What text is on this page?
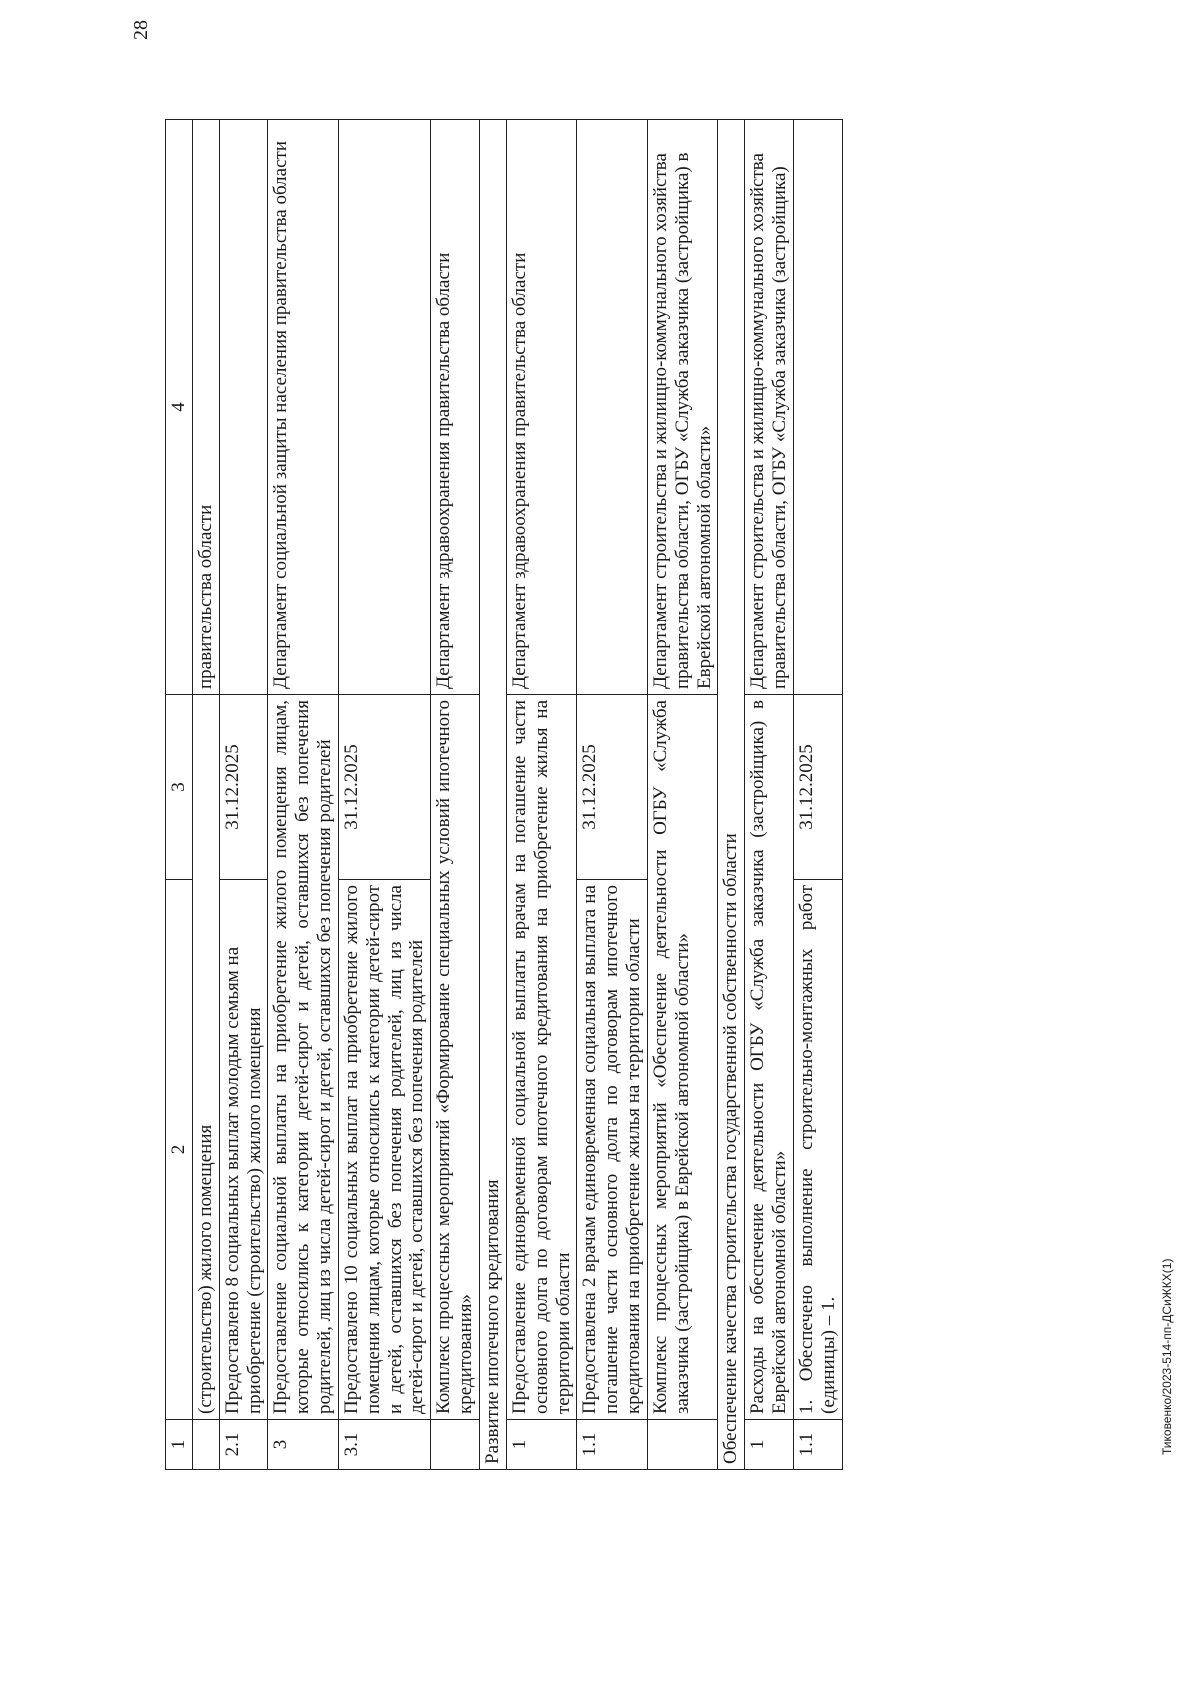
28
1	2	3	4
	(строительство) жилого помещения		правительства области
2.1	Предоставлено 8 социальных выплат молодым семьям на приобретение (строительство) жилого помещения	31.12.2025	
3	Предоставление социальной выплаты на приобретение жилого помещения лицам, которые относились к категории детей-сирот и детей, оставшихся без попечения родителей, лиц из числа детей-сирот и детей, оставшихся без попечения родителей		Департамент социальной защиты населения правительства области
3.1	Предоставлено 10 социальных выплат на приобретение жилого помещения лицам, которые относились к категории детей-сирот и детей, оставшихся без попечения родителей, лиц из числа детей-сирот и детей, оставшихся без попечения родителей	31.12.2025	
	Комплекс процессных мероприятий «Формирование специальных условий ипотечного кредитования»		Департамент здравоохранения правительства области
Развитие ипотечного кредитования			
1	Предоставление единовременной социальной выплаты врачам на погашение части основного долга по договорам ипотечного кредитования на приобретение жилья на территории области		Департамент здравоохранения правительства области
1.1	Предоставлена 2 врачам единовременная социальная выплата на погашение части основного долга по договорам ипотечного кредитования на приобретение жилья на территории области	31.12.2025	
	Комплекс процессных мероприятий «Обеспечение деятельности ОГБУ «Служба заказчика (застройщика) в Еврейской автономной области»		Департамент строительства и жилищно-коммунального хозяйства правительства области, ОГБУ «Служба заказчика (застройщика) в Еврейской автономной области»
Обеспечение качества строительства государственной собственности области			
1	Расходы на обеспечение деятельности ОГБУ «Служба заказчика (застройщика) в Еврейской автономной области»		Департамент строительства и жилищно-коммунального хозяйства правительства области, ОГБУ «Служба заказчика (застройщика)
1.1	1. Обеспечено выполнение строительно-монтажных работ (единицы) – 1.	31.12.2025	
Тиковенко/2023-514-пп-ДСиЖКХ(1)
